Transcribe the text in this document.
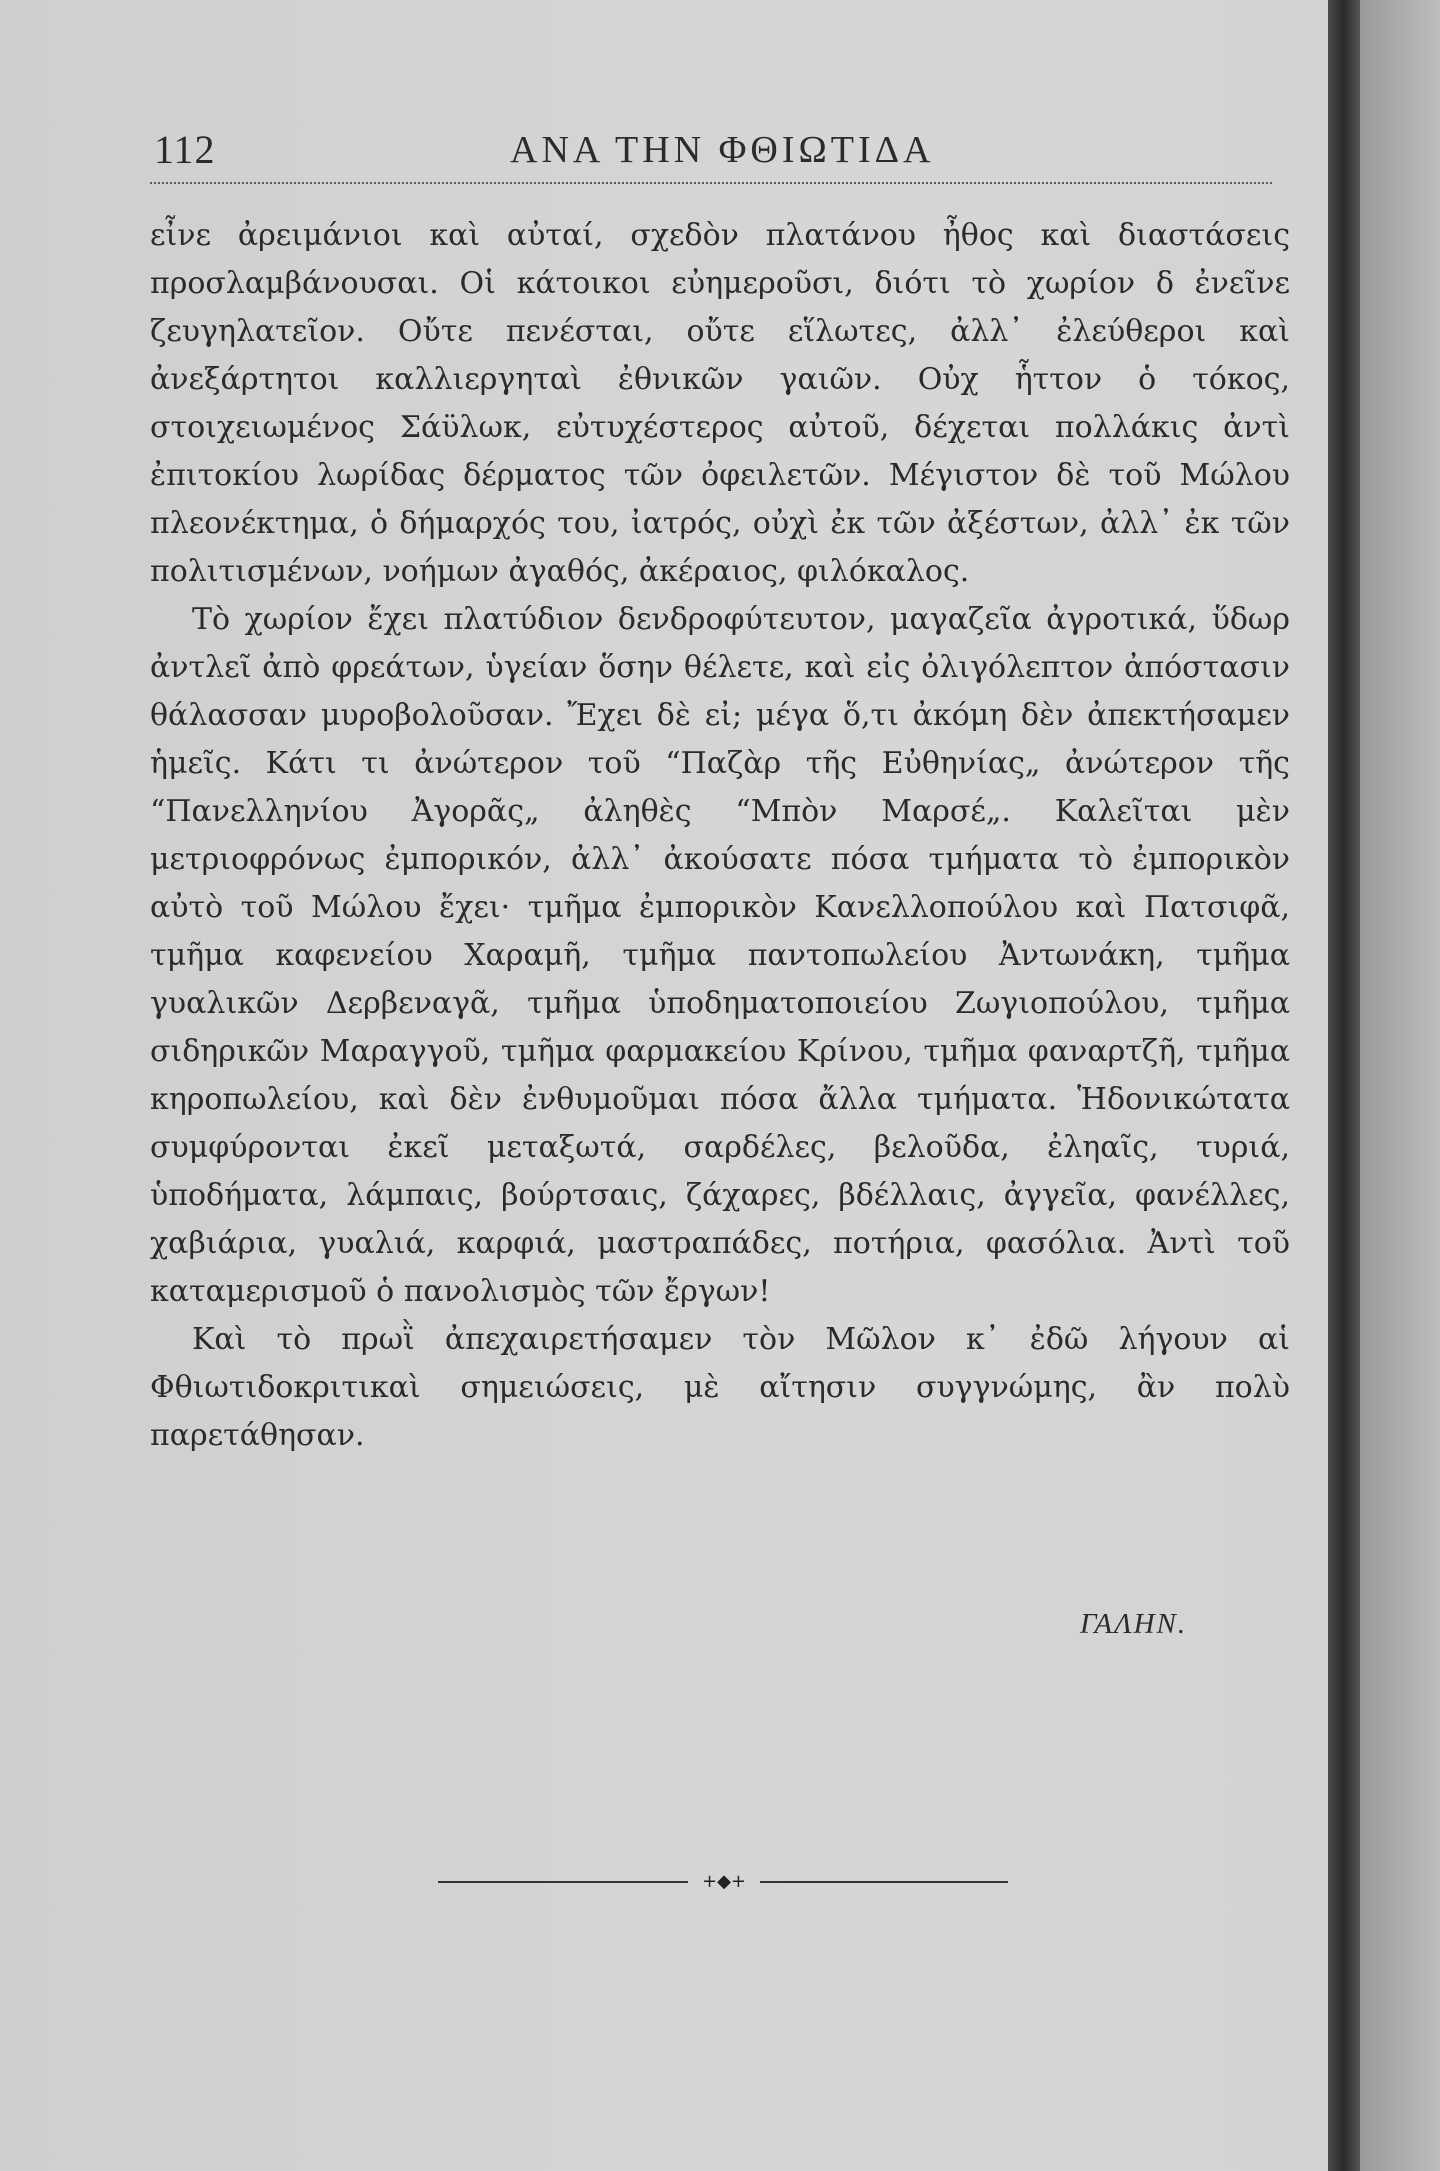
112	ΑΝΑ ΤΗΝ ΦΘΙΩΤΙΔΑ

εἶνε ἀρειμάνιοι καὶ αὐταί, σχεδὸν πλατάνου ἦθος καὶ διαστάσεις προσλαμβάνουσαι. Οἱ κάτοικοι εὐημεροῦσι, διότι τὸ χωρίον δ ἐνεῖνε ζευγηλατεῖον. Οὔτε πενέσται, οὔτε εἵλωτες, ἀλλ᾽ ἐλεύθεροι καὶ ἀνεξάρτητοι καλλιεργηταὶ ἐθνικῶν γαιῶν. Οὐχ ἧττον ὁ τόκος, στοιχειωμένος Σάϋλωκ, εὐτυχέστερος αὐτοῦ, δέχεται πολλάκις ἀντὶ ἐπιτοκίου λωρίδας δέρματος τῶν ὀφειλετῶν. Μέγιστον δὲ τοῦ Μώλου πλεονέκτημα, ὁ δήμαρχός του, ἰατρός, οὐχὶ ἐκ τῶν ἀξέστων, ἀλλ᾽ ἐκ τῶν πολιτισμένων, νοήμων ἀγαθός, ἀκέραιος, φιλόκαλος.

Τὸ χωρίον ἔχει πλατύδιον δενδροφύτευτον, μαγαζεῖα ἀγροτικά, ὕδωρ ἀντλεῖ ἀπὸ φρεάτων, ὑγείαν ὅσην θέλετε, καὶ εἰς ὀλιγόλεπτον ἀπόστασιν θάλασσαν μυροβολοῦσαν. Ἔχει δὲ εἰ; μέγα ὅ,τι ἀκόμη δὲν ἀπεκτήσαμεν ἡμεῖς. Κάτι τι ἀνώτερον τοῦ “Παζὰρ τῆς Εὐθηνίας„ ἀνώτερον τῆς “Πανελληνίου Ἀγορᾶς„ ἀληθὲς “Μπὸν Μαρσέ„. Καλεῖται μὲν μετριοφρόνως ἐμπορικόν, ἀλλ᾽ ἀκούσατε πόσα τμήματα τὸ ἐμπορικὸν αὐτὸ τοῦ Μώλου ἔχει· τμῆμα ἐμπορικὸν Κανελλοπούλου καὶ Πατσιφᾶ, τμῆμα καφενείου Χαραμῆ, τμῆμα παντοπωλείου Ἀντωνάκη, τμῆμα γυαλικῶν Δερβεναγᾶ, τμῆμα ὑποδηματοποιείου Ζωγιοπούλου, τμῆμα σιδηρικῶν Μαραγγοῦ, τμῆμα φαρμακείου Κρίνου, τμῆμα φαναρτζῆ, τμῆμα κηροπωλείου, καὶ δὲν ἐνθυμοῦμαι πόσα ἄλλα τμήματα. Ἡδονικώτατα συμφύρονται ἐκεῖ μεταξωτά, σαρδέλες, βελοῦδα, ἐληαῖς, τυριά, ὑποδήματα, λάμπαις, βούρτσαις, ζάχαρες, βδέλλαις, ἀγγεῖα, φανέλλες, χαβιάρια, γυαλιά, καρφιά, μαστραπάδες, ποτήρια, φασόλια. Ἀντὶ τοῦ καταμερισμοῦ ὁ πανολισμὸς τῶν ἔργων!

Καὶ τὸ πρωῒ ἀπεχαιρετήσαμεν τὸν Μῶλον κ᾽ ἐδῶ λήγουν αἱ Φθιωτιδοκριτικαὶ σημειώσεις, μὲ αἴτησιν συγγνώμης, ἂν πολὺ παρετάθησαν.

ΓΑΛΗΝ.
+◆+
